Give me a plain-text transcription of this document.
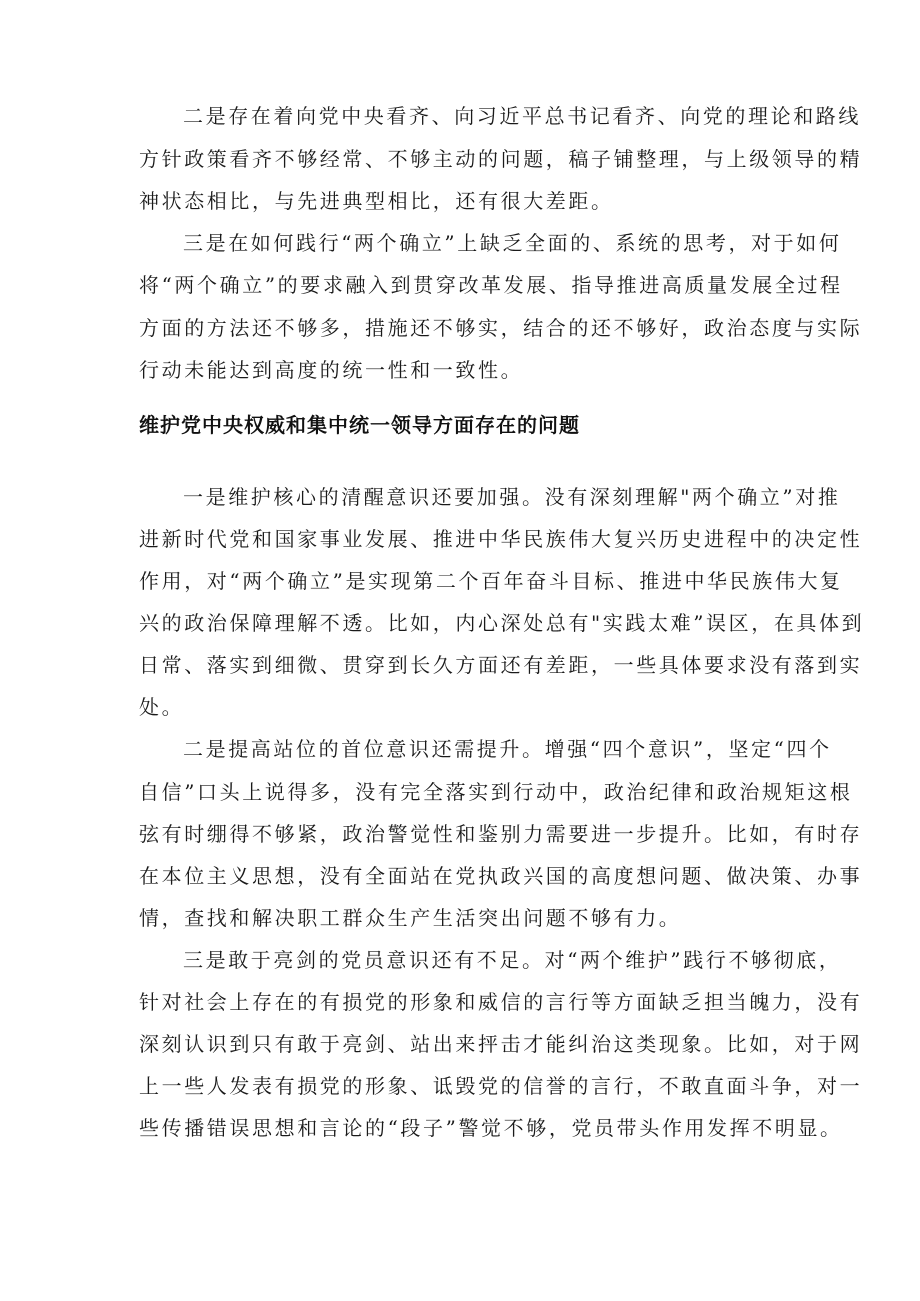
二是存在着向党中央看齐、向习近平总书记看齐、向党的理论和路线
方针政策看齐不够经常、不够主动的问题，稿子铺整理，与上级领导的精
神状态相比，与先进典型相比，还有很大差距。
三是在如何践行“两个确立”上缺乏全面的、系统的思考，对于如何
将“两个确立”的要求融入到贯穿改革发展、指导推进高质量发展全过程
方面的方法还不够多，措施还不够实，结合的还不够好，政治态度与实际
行动未能达到高度的统一性和一致性。
维护党中央权威和集中统一领导方面存在的问题
一是维护核心的清醒意识还要加强。没有深刻理解"两个确立”对推
进新时代党和国家事业发展、推进中华民族伟大复兴历史进程中的决定性
作用，对“两个确立”是实现第二个百年奋斗目标、推进中华民族伟大复
兴的政治保障理解不透。比如，内心深处总有"实践太难”误区，在具体到
日常、落实到细微、贯穿到长久方面还有差距，一些具体要求没有落到实
处。
二是提高站位的首位意识还需提升。增强“四个意识”，坚定“四个
自信”口头上说得多，没有完全落实到行动中，政治纪律和政治规矩这根
弦有时绷得不够紧，政治警觉性和鉴别力需要进一步提升。比如，有时存
在本位主义思想，没有全面站在党执政兴国的高度想问题、做决策、办事
情，查找和解决职工群众生产生活突出问题不够有力。
三是敢于亮剑的党员意识还有不足。对“两个维护”践行不够彻底，
针对社会上存在的有损党的形象和威信的言行等方面缺乏担当魄力，没有
深刻认识到只有敢于亮剑、站出来抨击才能纠治这类现象。比如，对于网
上一些人发表有损党的形象、诋毁党的信誉的言行，不敢直面斗争，对一
些传播错误思想和言论的“段子”警觉不够，党员带头作用发挥不明显。
